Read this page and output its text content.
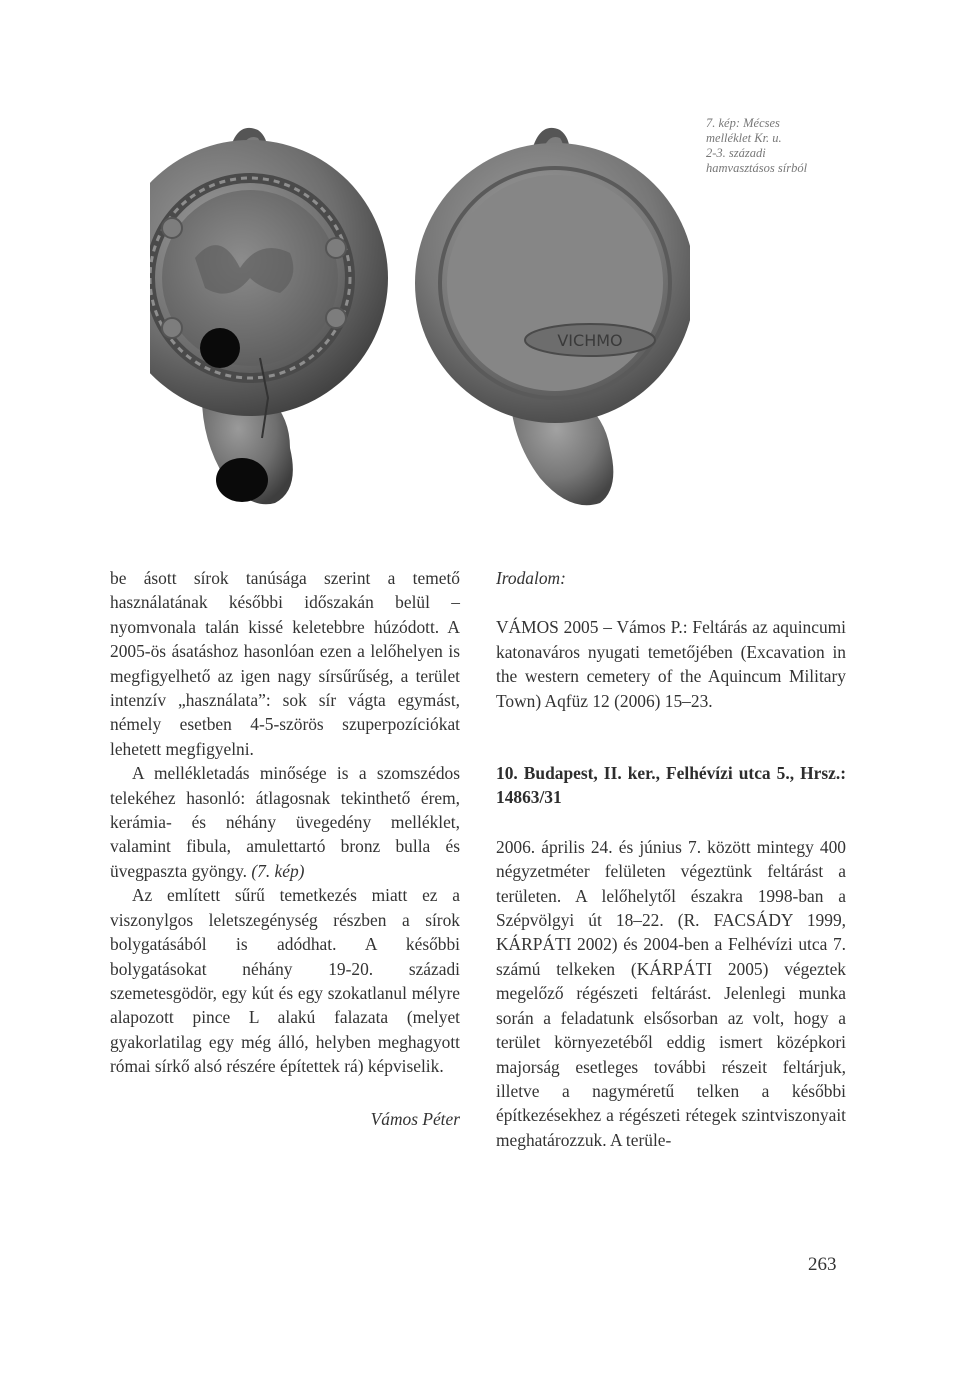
7. kép: Mécses
melléklet Kr. u.
2-3. századi
hamvasztásos sírból
VICHMO

be ásott sírok tanúsága szerint a temető használatának későbbi időszakán belül – nyomvonala talán kissé keletebbre húzódott. A 2005-ös ásatáshoz hasonlóan ezen a lelőhelyen is megfigyelhető az igen nagy sírsűrűség, a terület intenzív „használata”: sok sír vágta egymást, némely esetben 4-5-szörös szuperpozíciókat lehetett megfigyelni.

A mellékletadás minősége is a szomszédos telekéhez hasonló: átlagosnak tekinthető érem, kerámia- és néhány üvegedény melléklet, valamint fibula, amulettartó bronz bulla és üvegpaszta gyöngy. (7. kép)

Az említett sűrű temetkezés miatt ez a viszonylgos leletszegénység részben a sírok bolygatásából is adódhat. A későbbi bolygatásokat néhány 19-20. századi szemetesgödör, egy kút és egy szokatlanul mélyre alapozott pince L alakú falazata (melyet gyakorlatilag egy még álló, helyben meghagyott római sírkő alsó részére építettek rá) képviselik.

Vámos Péter

Irodalom:

VÁMOS 2005 – Vámos P.: Feltárás az aquincumi katonaváros nyugati temetőjében (Excavation in the western cemetery of the Aquincum Military Town) Aqfüz 12 (2006) 15–23.

10. Budapest, II. ker., Felhévízi utca 5., Hrsz.: 14863/31

2006. április 24. és június 7. között mintegy 400 négyzetméter felületen végeztünk feltárást a területen. A lelőhelytől északra 1998-ban a Szépvölgyi út 18–22. (R. FACSÁDY 1999, KÁRPÁTI 2002) és 2004-ben a Felhévízi utca 7. számú telkeken (KÁRPÁTI 2005) végeztek megelőző régészeti feltárást. Jelenlegi munka során a feladatunk elsősorban az volt, hogy a terület környezetéből eddig ismert középkori majorság esetleges további részeit feltárjuk, illetve a nagyméretű telken a későbbi építkezésekhez a régészeti rétegek szintviszonyait meghatározzuk. A terüle-

263
